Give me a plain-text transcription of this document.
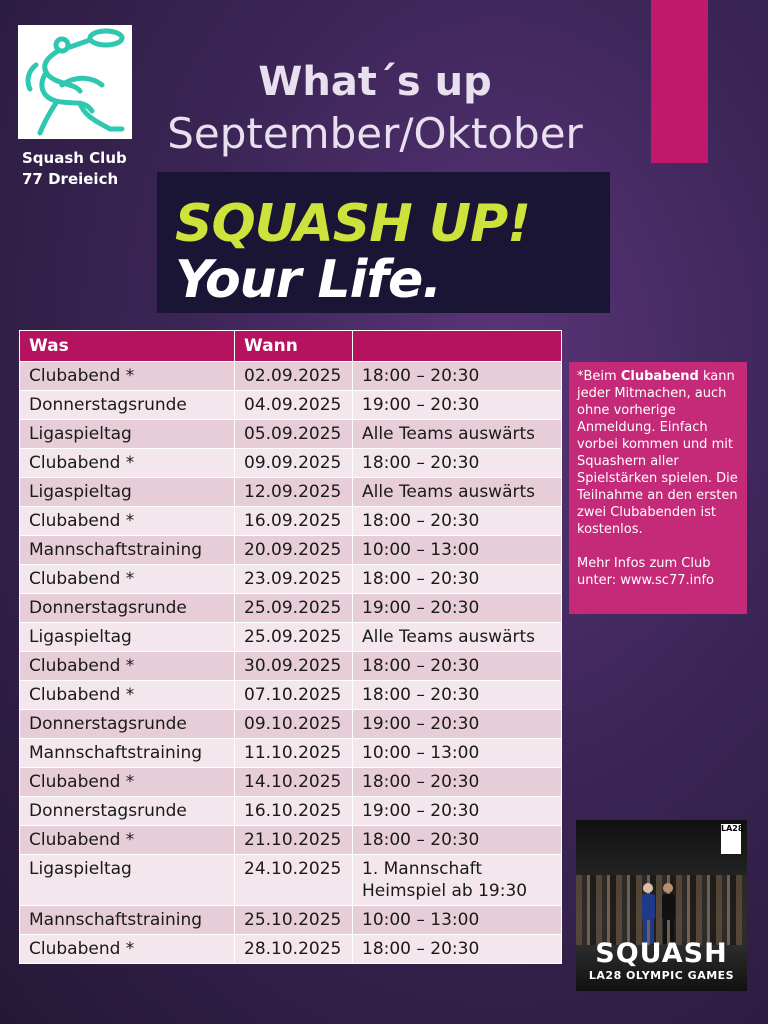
Squash Club
77 Dreieich
What´s up
September/Oktober
SQUASH UP!
Your Life.
Was	Wann	
Clubabend *	02.09.2025	18:00 – 20:30
Donnerstagsrunde	04.09.2025	19:00 – 20:30
Ligaspieltag	05.09.2025	Alle Teams auswärts
Clubabend *	09.09.2025	18:00 – 20:30
Ligaspieltag	12.09.2025	Alle Teams auswärts
Clubabend *	16.09.2025	18:00 – 20:30
Mannschaftstraining	20.09.2025	10:00 – 13:00
Clubabend *	23.09.2025	18:00 – 20:30
Donnerstagsrunde	25.09.2025	19:00 – 20:30
Ligaspieltag	25.09.2025	Alle Teams auswärts
Clubabend *	30.09.2025	18:00 – 20:30
Clubabend *	07.10.2025	18:00 – 20:30
Donnerstagsrunde	09.10.2025	19:00 – 20:30
Mannschaftstraining	11.10.2025	10:00 – 13:00
Clubabend *	14.10.2025	18:00 – 20:30
Donnerstagsrunde	16.10.2025	19:00 – 20:30
Clubabend *	21.10.2025	18:00 – 20:30
Ligaspieltag	24.10.2025	1. Mannschaft
Heimspiel ab 19:30
Mannschaftstraining	25.10.2025	10:00 – 13:00
Clubabend *	28.10.2025	18:00 – 20:30
*Beim Clubabend kann jeder Mitmachen, auch ohne vorherige Anmeldung. Einfach vorbei kommen und mit Squashern aller Spielstärken spielen. Die Teilnahme an den ersten zwei Clubabenden ist kostenlos.
Mehr Infos zum Club unter: www.sc77.info
LA28
SQUASH
LA28 OLYMPIC GAMES
